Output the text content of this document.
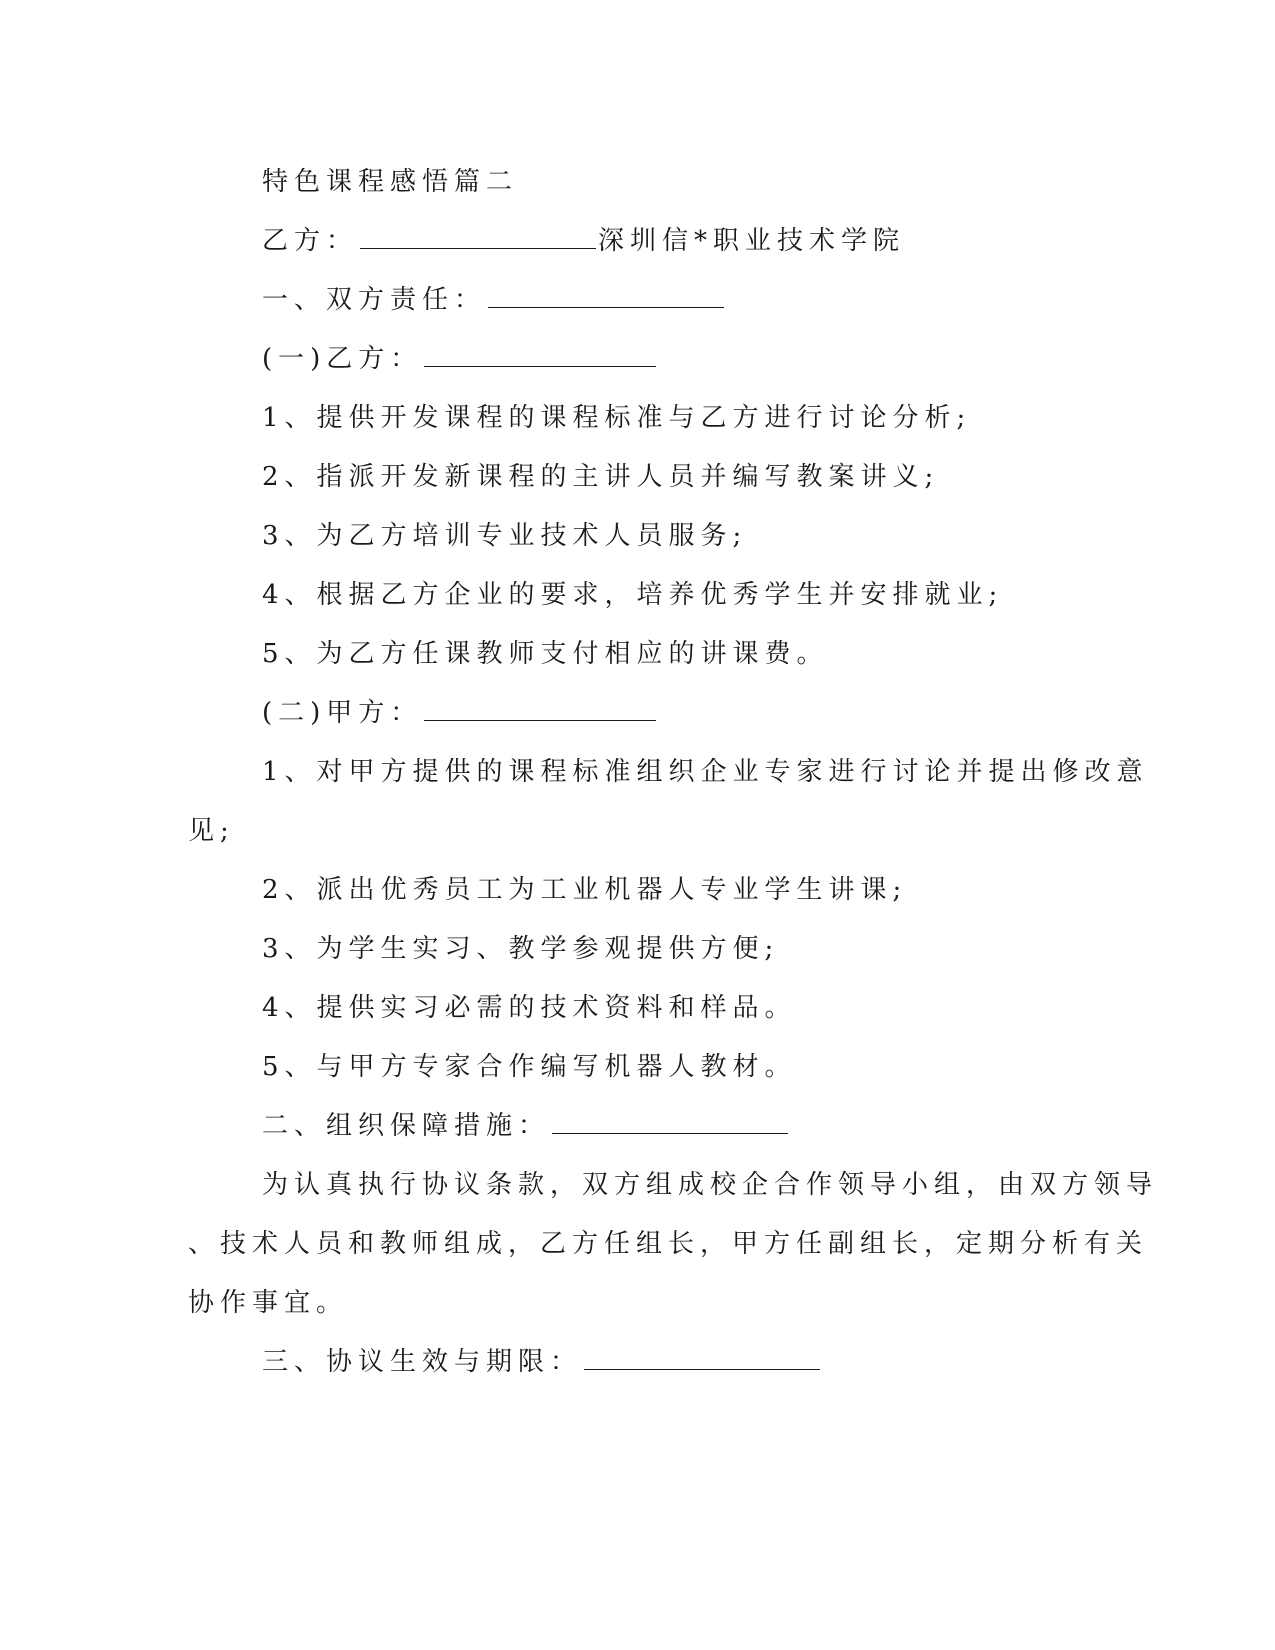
特色课程感悟篇二
乙方：	深圳信*职业技术学院
一、双方责任：
(一)乙方：
1、提供开发课程的课程标准与乙方进行讨论分析;
2、指派开发新课程的主讲人员并编写教案讲义;
3、为乙方培训专业技术人员服务;
4、根据乙方企业的要求，培养优秀学生并安排就业;
5、为乙方任课教师支付相应的讲课费。
(二)甲方：
1、对甲方提供的课程标准组织企业专家进行讨论并提出修改意
见;
2、派出优秀员工为工业机器人专业学生讲课;
3、为学生实习、教学参观提供方便;
4、提供实习必需的技术资料和样品。
5、与甲方专家合作编写机器人教材。
二、组织保障措施：
为认真执行协议条款，双方组成校企合作领导小组，由双方领导
、技术人员和教师组成，乙方任组长，甲方任副组长，定期分析有关
协作事宜。
三、协议生效与期限：
